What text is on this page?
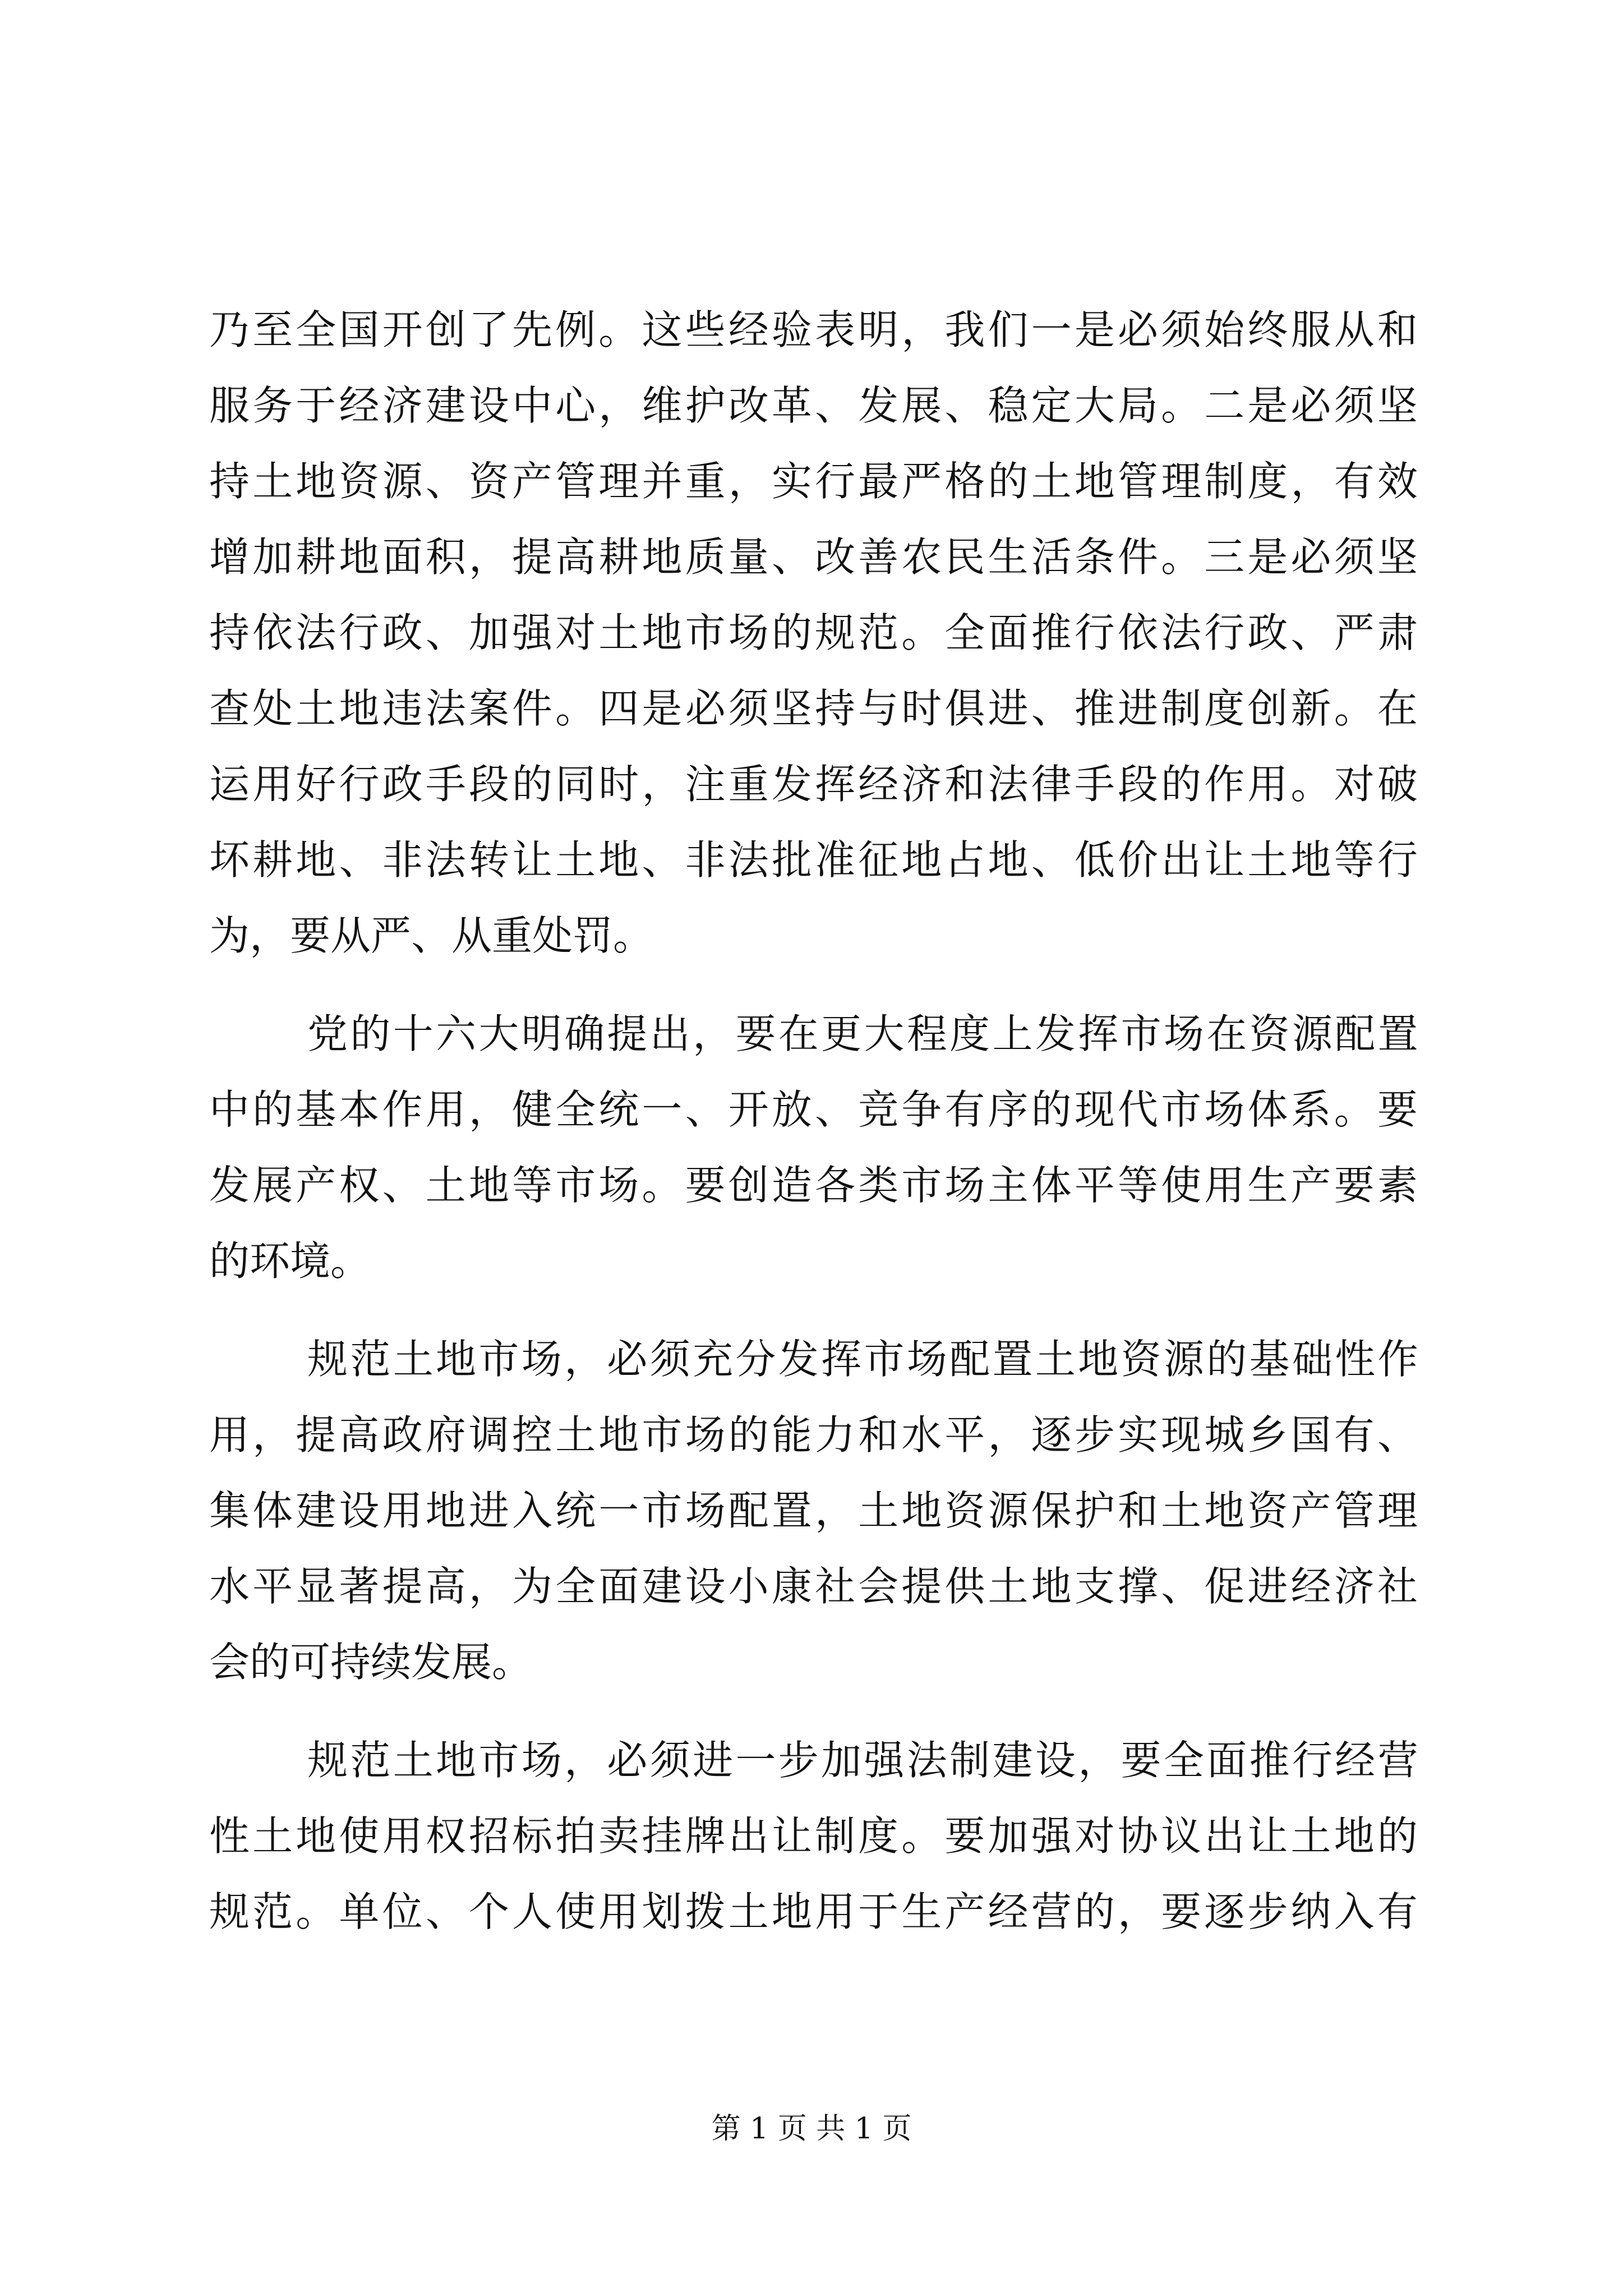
乃至全国开创了先例。这些经验表明，我们一是必须始终服从和
服务于经济建设中心，维护改革、发展、稳定大局。二是必须坚
持土地资源、资产管理并重，实行最严格的土地管理制度，有效
增加耕地面积，提高耕地质量、改善农民生活条件。三是必须坚
持依法行政、加强对土地市场的规范。全面推行依法行政、严肃
查处土地违法案件。四是必须坚持与时俱进、推进制度创新。在
运用好行政手段的同时，注重发挥经济和法律手段的作用。对破
坏耕地、非法转让土地、非法批准征地占地、低价出让土地等行
为，要从严、从重处罚。
党的十六大明确提出，要在更大程度上发挥市场在资源配置
中的基本作用，健全统一、开放、竞争有序的现代市场体系。要
发展产权、土地等市场。要创造各类市场主体平等使用生产要素
的环境。
规范土地市场，必须充分发挥市场配置土地资源的基础性作
用，提高政府调控土地市场的能力和水平，逐步实现城乡国有、
集体建设用地进入统一市场配置，土地资源保护和土地资产管理
水平显著提高，为全面建设小康社会提供土地支撑、促进经济社
会的可持续发展。
规范土地市场，必须进一步加强法制建设，要全面推行经营
性土地使用权招标拍卖挂牌出让制度。要加强对协议出让土地的
规范。单位、个人使用划拨土地用于生产经营的，要逐步纳入有
第 1 页 共 1 页
